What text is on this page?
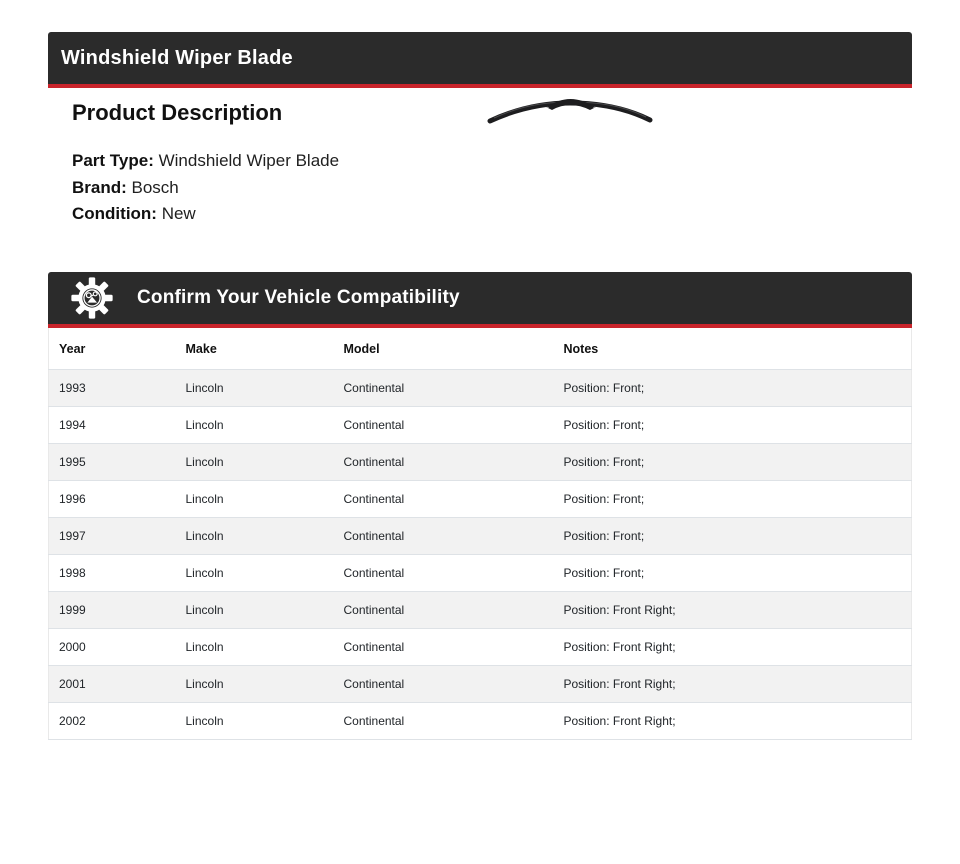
Windshield Wiper Blade
Product Description
Part Type: Windshield Wiper Blade
Brand: Bosch
Condition: New
Confirm Your Vehicle Compatibility
Year	Make	Model	Notes
1993	Lincoln	Continental	Position: Front;
1994	Lincoln	Continental	Position: Front;
1995	Lincoln	Continental	Position: Front;
1996	Lincoln	Continental	Position: Front;
1997	Lincoln	Continental	Position: Front;
1998	Lincoln	Continental	Position: Front;
1999	Lincoln	Continental	Position: Front Right;
2000	Lincoln	Continental	Position: Front Right;
2001	Lincoln	Continental	Position: Front Right;
2002	Lincoln	Continental	Position: Front Right;
